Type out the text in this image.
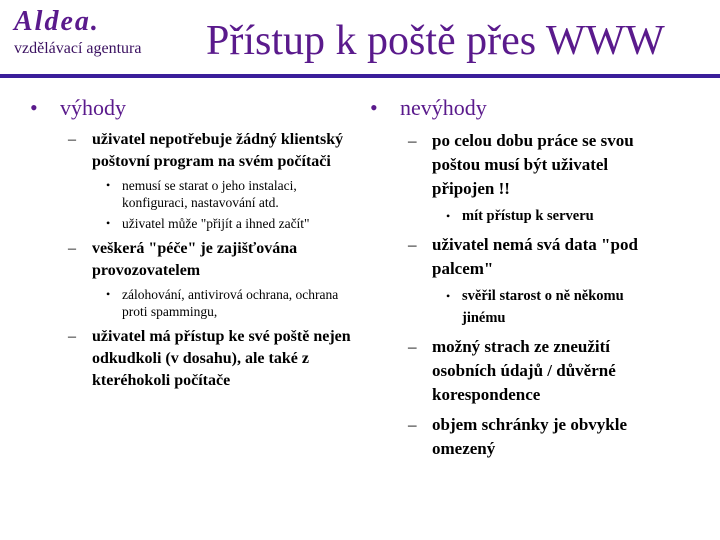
Aldea.
vzdělávací agentura Přístup k poště přes WWW
• výhody
– uživatel nepotřebuje žádný klientský poštovní program na svém počítači
• nemusí se starat o jeho instalaci, konfiguraci, nastavování atd.
• uživatel může "přijít a ihned začít"
– veškerá "péče" je zajišťována provozovatelem
• zálohování, antivirová ochrana, ochrana proti spammingu,
– uživatel má přístup ke své poště nejen odkudkoli (v dosahu), ale také z kteréhokoli počítače
• nevýhody
– po celou dobu práce se svou poštou musí být uživatel připojen !!
• mít přístup k serveru
– uživatel nemá svá data "pod palcem"
• svěřil starost o ně někomu jinému
– možný strach ze zneužití osobních údajů / důvěrné korespondence
– objem schránky je obvykle omezený
